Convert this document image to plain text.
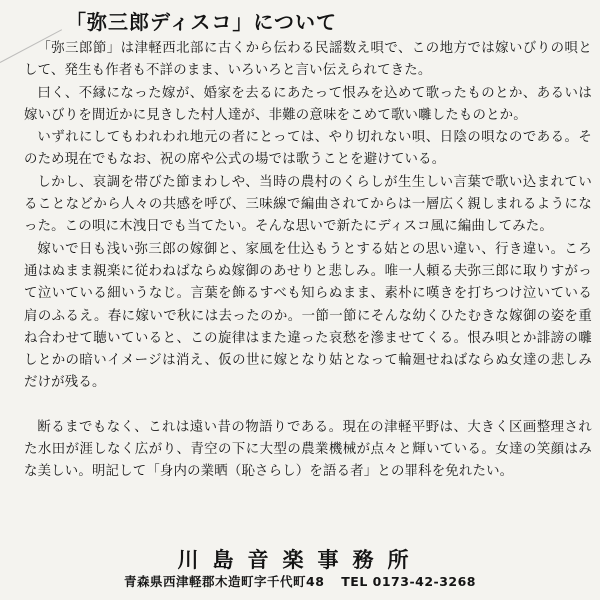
「弥三郎ディスコ」について

「弥三郎節」は津軽西北部に古くから伝わる民謡数え唄で、この地方では嫁いびりの唄として、発生も作者も不詳のまま、いろいろと言い伝えられてきた。

曰く、不縁になった嫁が、婚家を去るにあたって恨みを込めて歌ったものとか、あるいは嫁いびりを間近かに見きした村人達が、非難の意味をこめて歌い囃したものとか。

いずれにしてもわれわれ地元の者にとっては、やり切れない唄、日陰の唄なのである。そのため現在でもなお、祝の席や公式の場では歌うことを避けている。

しかし、哀調を帯びた節まわしや、当時の農村のくらしが生生しい言葉で歌い込まれていることなどから人々の共感を呼び、三味線で編曲されてからは一層広く親しまれるようになった。この唄に木洩日でも当てたい。そんな思いで新たにディスコ風に編曲してみた。

嫁いで日も浅い弥三郎の嫁御と、家風を仕込もうとする姑との思い違い、行き違い。ころ通はぬまま親楽に従わねばならぬ嫁御のあせりと悲しみ。唯一人頼る夫弥三郎に取りすがって泣いている細いうなじ。言葉を飾るすべも知らぬまま、素朴に嘆きを打ちつけ泣いている肩のふるえ。春に嫁いで秋には去ったのか。一節一節にそんな幼くひたむきな嫁御の姿を重ね合わせて聴いていると、この旋律はまた違った哀愁を滲ませてくる。恨み唄とか誹謗の囃しとかの暗いイメージは消え、仮の世に嫁となり姑となって輪廻せねばならぬ女達の悲しみだけが残る。

断るまでもなく、これは遠い昔の物語りである。現在の津軽平野は、大きく区画整理された水田が涯しなく広がり、青空の下に大型の農業機械が点々と輝いている。女達の笑顔はみな美しい。明記して「身内の業晒（恥さらし）を語る者」との罪科を免れたい。

川島音楽事務所
青森県西津軽郡木造町字千代町48 TEL 0173-42-3268
